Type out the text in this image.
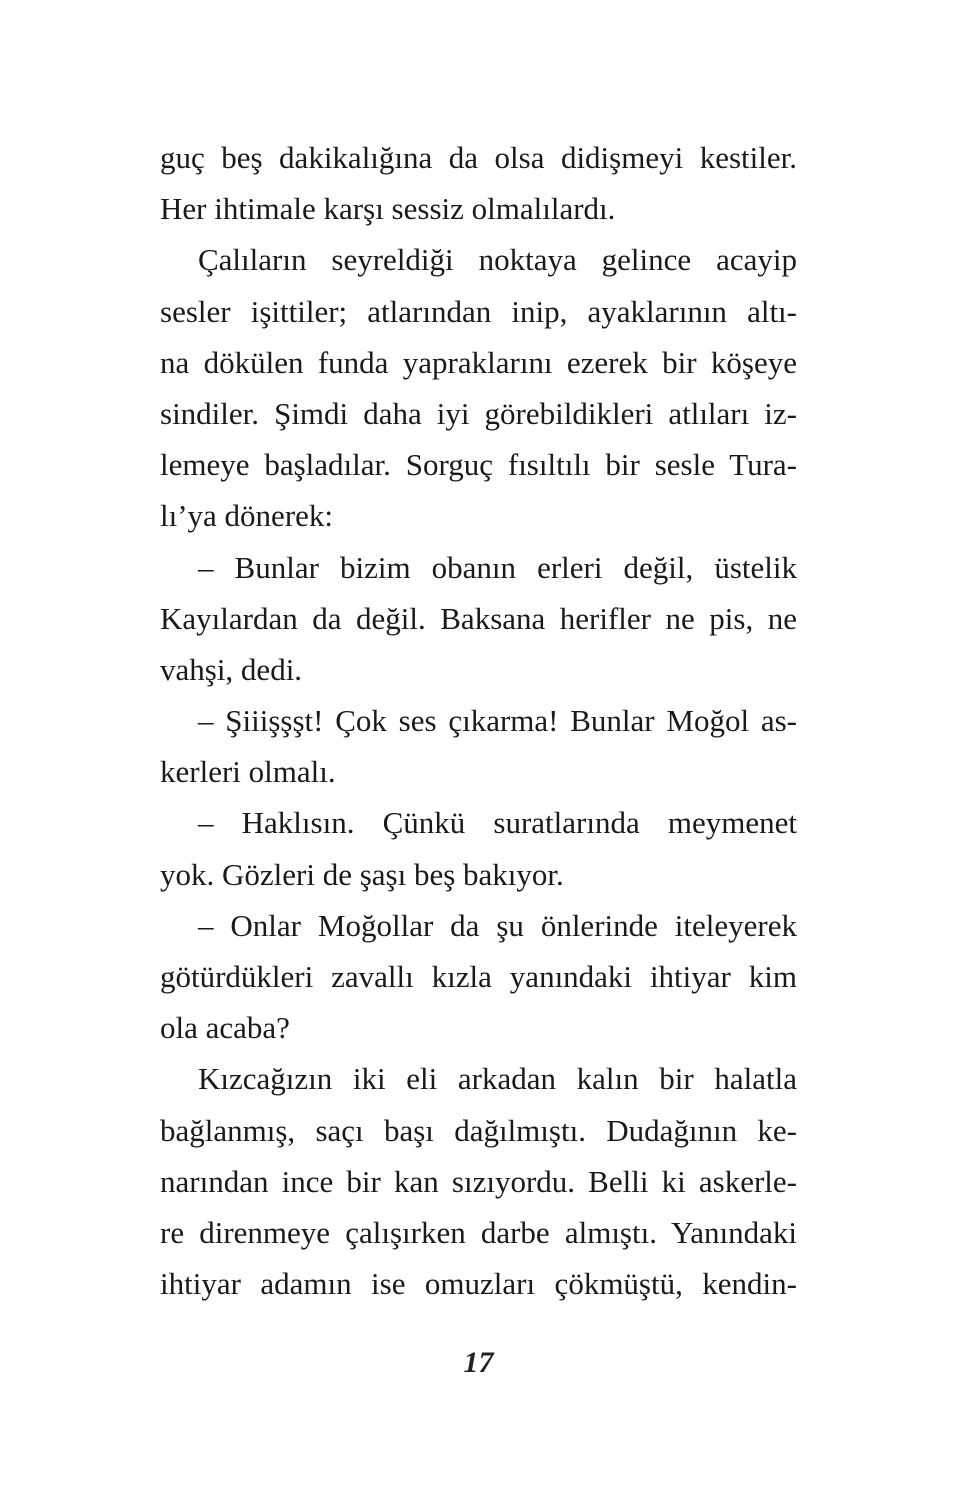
guç beş dakikalığına da olsa didişmeyi kestiler.
Her ihtimale karşı sessiz olmalılardı.
Çalıların seyreldiği noktaya gelince acayip
sesler işittiler; atlarından inip, ayaklarının altı-
na dökülen funda yapraklarını ezerek bir köşeye
sindiler. Şimdi daha iyi görebildikleri atlıları iz-
lemeye başladılar. Sorguç fısıltılı bir sesle Tura-
lı’ya dönerek:
– Bunlar bizim obanın erleri değil, üstelik
Kayılardan da değil. Baksana herifler ne pis, ne
vahşi, dedi.
– Şiiişşşt! Çok ses çıkarma! Bunlar Moğol as-
kerleri olmalı.
– Haklısın. Çünkü suratlarında meymenet
yok. Gözleri de şaşı beş bakıyor.
– Onlar Moğollar da şu önlerinde iteleyerek
götürdükleri zavallı kızla yanındaki ihtiyar kim
ola acaba?
Kızcağızın iki eli arkadan kalın bir halatla
bağlanmış, saçı başı dağılmıştı. Dudağının ke-
narından ince bir kan sızıyordu. Belli ki askerle-
re direnmeye çalışırken darbe almıştı. Yanındaki
ihtiyar adamın ise omuzları çökmüştü, kendin-
17
